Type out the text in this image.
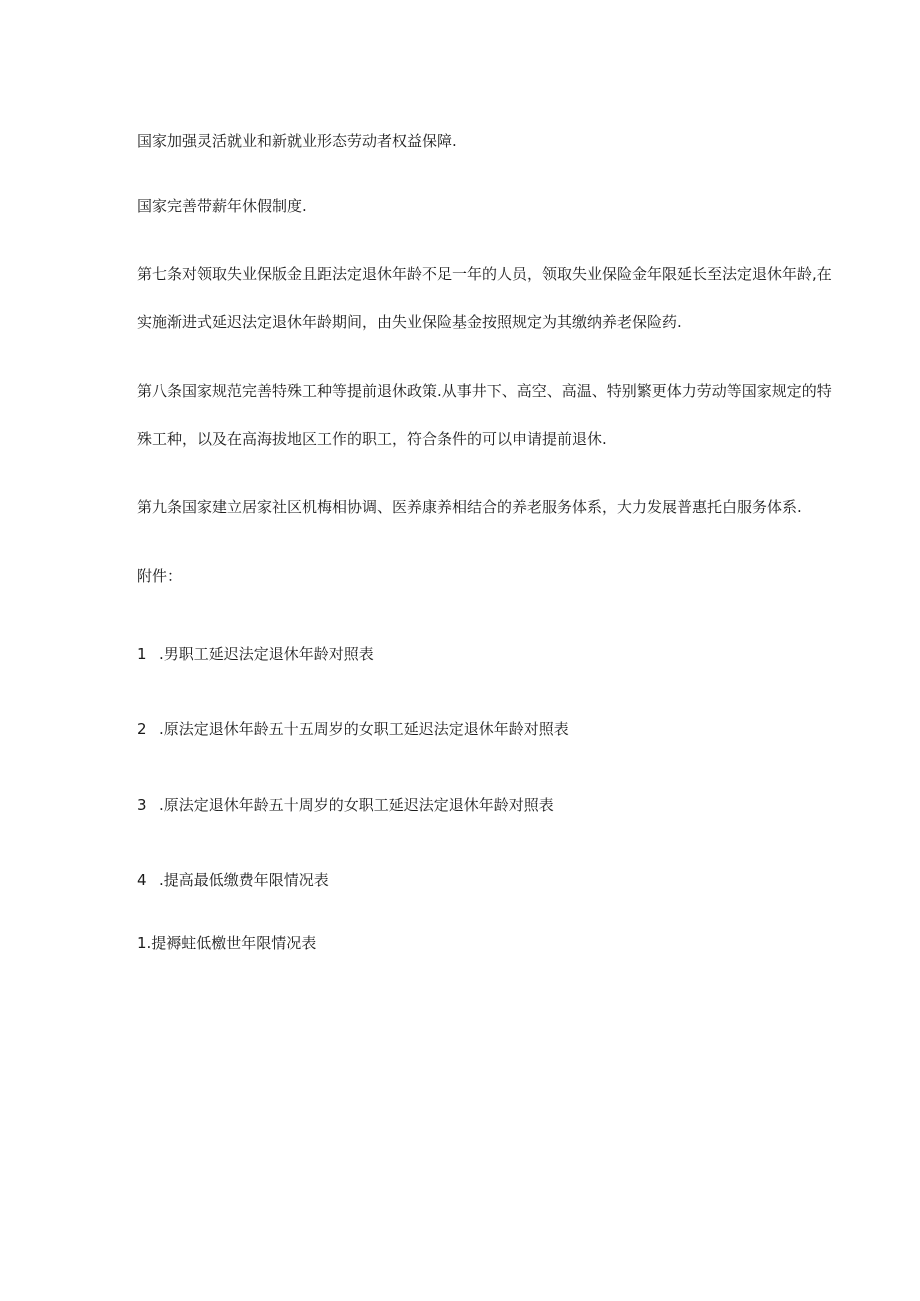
国家加强灵活就业和新就业形态劳动者权益保障.
国家完善带薪年休假制度.
第七条对领取失业保版金且距法定退休年龄不足一年的人员，领取失业保险金年限延长至法定退休年龄,在
实施渐进式延迟法定退休年龄期间，由失业保险基金按照规定为其缴纳养老保险药.
第八条国家规范完善特殊工种等提前退休政策.从事井下、高空、高温、特别繁更体力劳动等国家规定的特
殊工种，以及在高海拔地区工作的职工，符合条件的可以申请提前退休.
第九条国家建立居家社区机梅相协调、医养康养相结合的养老服务体系，大力发展普惠托白服务体系.
附件：
1 .男职工延迟法定退休年龄对照表
2 .原法定退休年龄五十五周岁的女职工延迟法定退休年龄对照表
3 .原法定退休年龄五十周岁的女职工延迟法定退休年龄对照表
4 .提高最低缴费年限情况表
1.提褥蛀低檄世年限情况表
